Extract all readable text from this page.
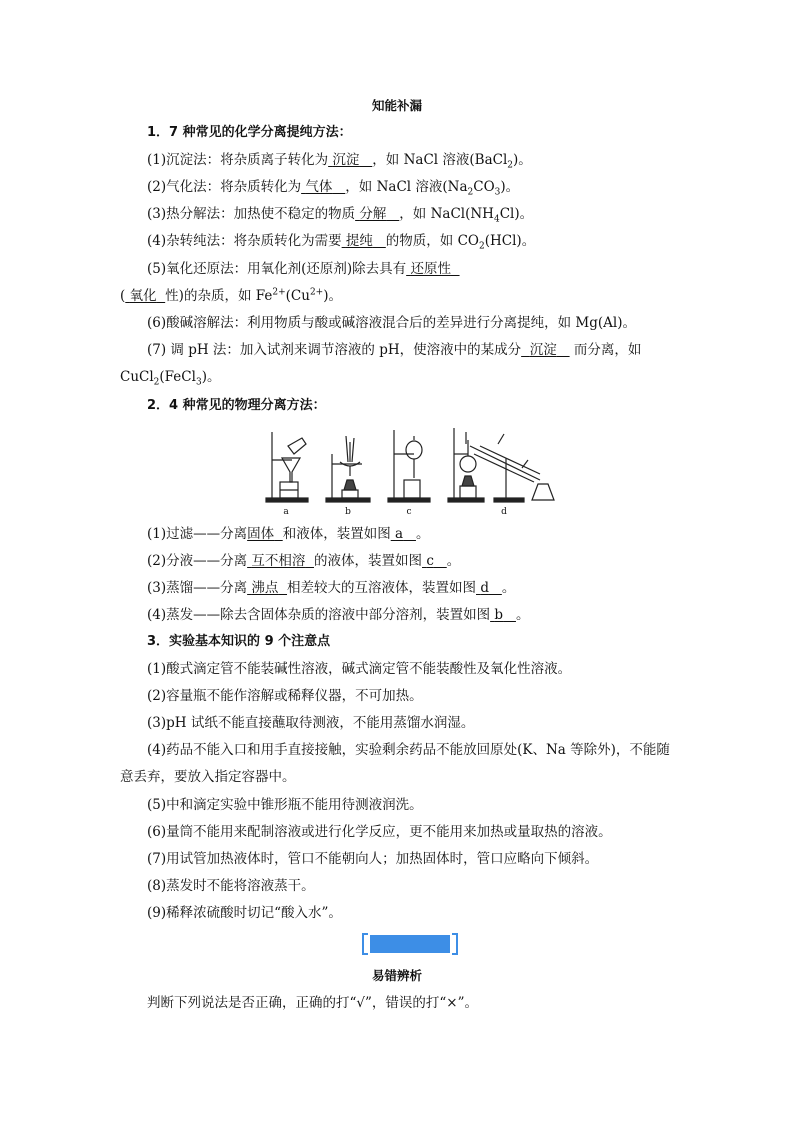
知能补漏
1．7 种常见的化学分离提纯方法：
(1)沉淀法：将杂质离子转化为 沉淀 ，如 NaCl 溶液(BaCl$_2$)。
(2)气化法：将杂质转化为 气体 ，如 NaCl 溶液$(Na_2CO_3)$。
(3)热分解法：加热使不稳定的物质 分解 ，如 $NaCl(NH_4Cl)$。
(4)杂转纯法：将杂质转化为需要 提纯 的物质，如 $CO_2(HCl)$。
(5)氧化还原法：用氧化剂(还原剂)除去具有 还原性
( 氧化 性)的杂质，如 $Fe^{2+}(Cu^{2+})$。
(6)酸碱溶解法：利用物质与酸或碱溶液混合后的差异进行分离提纯，如 Mg(Al)。
(7) 调 pH 法：加入试剂来调节溶液的 pH，使溶液中的某成分 沉淀 而分离，如
CuCl$_2$(FeCl$_3$)。
2．4 种常见的物理分离方法：
a	b	c	d
(1)过滤——分离固体 和液体，装置如图 a 。
(2)分液——分离 互不相溶 的液体，装置如图 c 。
(3)蒸馏——分离 沸点 相差较大的互溶液体，装置如图 d 。
(4)蒸发——除去含固体杂质的溶液中部分溶剂，装置如图 b 。
3．实验基本知识的 9 个注意点
(1)酸式滴定管不能装碱性溶液，碱式滴定管不能装酸性及氧化性溶液。
(2)容量瓶不能作溶解或稀释仪器，不可加热。
(3)pH 试纸不能直接蘸取待测液，不能用蒸馏水润湿。
(4)药品不能入口和用手直接接触，实验剩余药品不能放回原处(K、Na 等除外)，不能随
意丢弃，要放入指定容器中。
(5)中和滴定实验中锥形瓶不能用待测液润洗。
(6)量筒不能用来配制溶液或进行化学反应，更不能用来加热或量取热的溶液。
(7)用试管加热液体时，管口不能朝向人；加热固体时，管口应略向下倾斜。
(8)蒸发时不能将溶液蒸干。
(9)稀释浓硫酸时切记“酸入水”。
易错辨析
判断下列说法是否正确，正确的打“√”，错误的打“×”。
